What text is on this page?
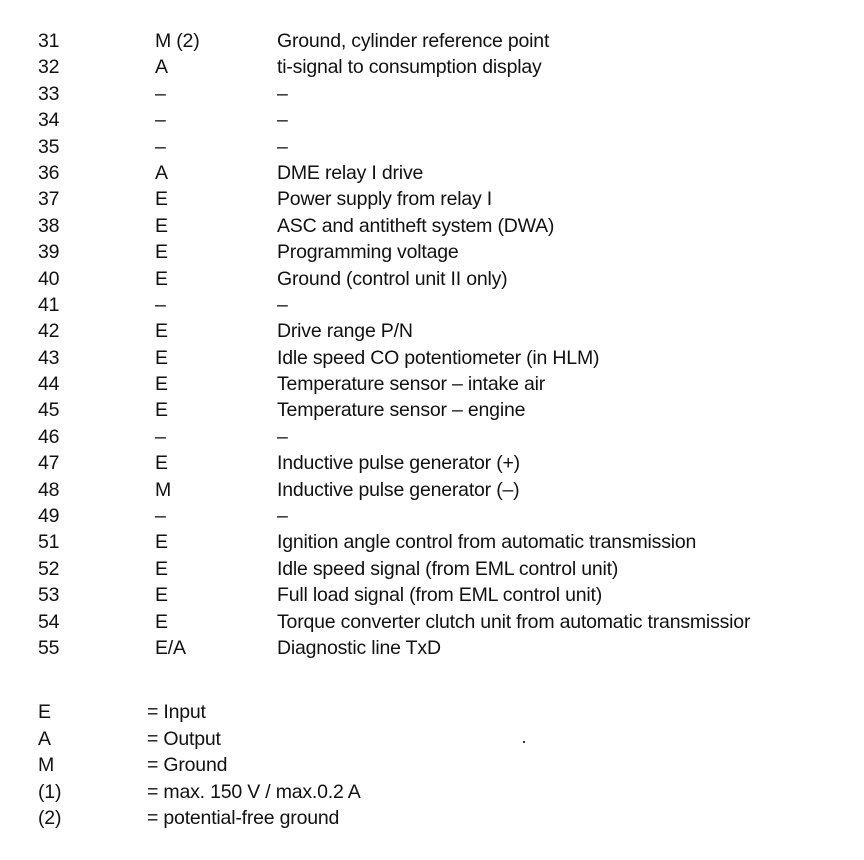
31	M (2)	Ground, cylinder reference point
32	A	ti-signal to consumption display
33	–	–
34	–	–
35	–	–
36	A	DME relay I drive
37	E	Power supply from relay I
38	E	ASC and antitheft system (DWA)
39	E	Programming voltage
40	E	Ground (control unit II only)
41	–	–
42	E	Drive range P/N
43	E	Idle speed CO potentiometer (in HLM)
44	E	Temperature sensor – intake air
45	E	Temperature sensor – engine
46	–	–
47	E	Inductive pulse generator (+)
48	M	Inductive pulse generator (–)
49	–	–
51	E	Ignition angle control from automatic transmission
52	E	Idle speed signal (from EML control unit)
53	E	Full load signal (from EML control unit)
54	E	Torque converter clutch unit from automatic transmissior
55	E/A	Diagnostic line TxD
E	= Input
A	= Output
M	= Ground
(1)	= max. 150 V / max.0.2 A
(2)	= potential-free ground
